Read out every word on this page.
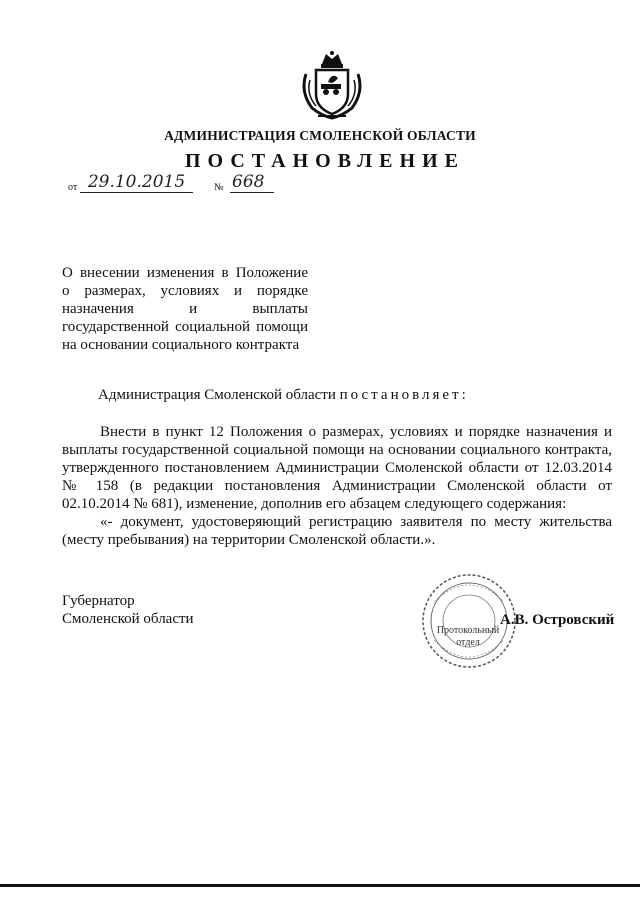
АДМИНИСТРАЦИЯ СМОЛЕНСКОЙ ОБЛАСТИ
ПОСТАНОВЛЕНИЕ
от 29.10.2015	№ 668
О внесении изменения в Положение
о размерах, условиях и порядке
назначения и выплаты
государственной социальной помощи
на основании социального контракта
Администрация Смоленской области постановляет:

Внести в пункт 12 Положения о размерах, условиях и порядке назначения и выплаты государственной социальной помощи на основании социального контракта, утвержденного постановлением Администрации Смоленской области от 12.03.2014 № 158 (в редакции постановления Администрации Смоленской области от 02.10.2014 № 681), изменение, дополнив его абзацем следующего содержания:

«- документ, удостоверяющий регистрацию заявителя по месту жительства (месту пребывания) на территории Смоленской области.».

Губернатор
Смоленской области
Протокольный
отдел
А.В. Островский
